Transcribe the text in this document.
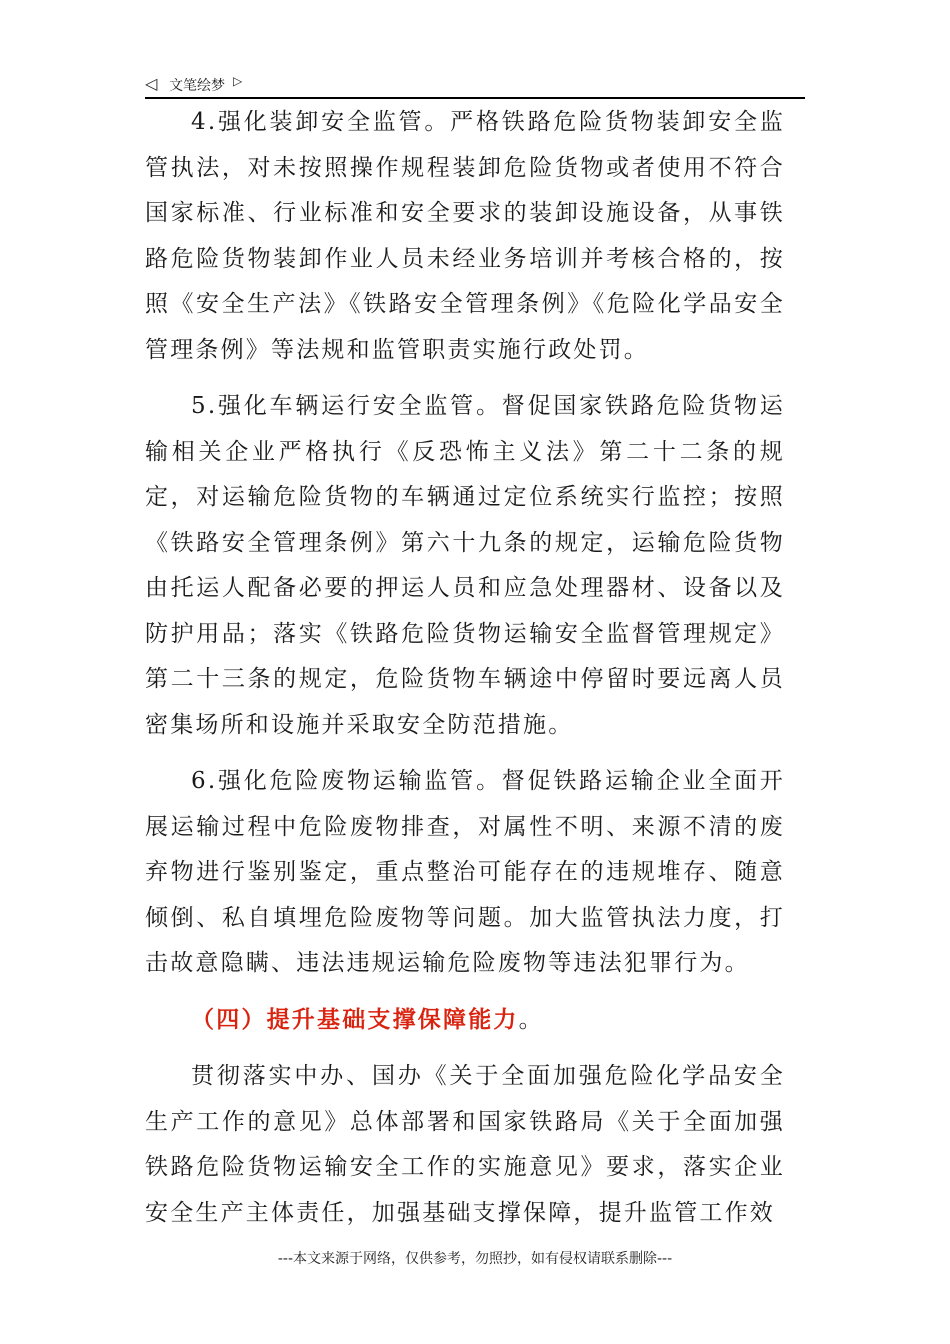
◁ 文笔绘梦 ▷

4.强化装卸安全监管。严格铁路危险货物装卸安全监管执法，对未按照操作规程装卸危险货物或者使用不符合国家标准、行业标准和安全要求的装卸设施设备，从事铁路危险货物装卸作业人员未经业务培训并考核合格的，按照《安全生产法》《铁路安全管理条例》《危险化学品安全管理条例》等法规和监管职责实施行政处罚。

5.强化车辆运行安全监管。督促国家铁路危险货物运输相关企业严格执行《反恐怖主义法》第二十二条的规定，对运输危险货物的车辆通过定位系统实行监控；按照《铁路安全管理条例》第六十九条的规定，运输危险货物由托运人配备必要的押运人员和应急处理器材、设备以及防护用品；落实《铁路危险货物运输安全监督管理规定》第二十三条的规定，危险货物车辆途中停留时要远离人员密集场所和设施并采取安全防范措施。

6.强化危险废物运输监管。督促铁路运输企业全面开展运输过程中危险废物排查，对属性不明、来源不清的废弃物进行鉴别鉴定，重点整治可能存在的违规堆存、随意倾倒、私自填埋危险废物等问题。加大监管执法力度，打击故意隐瞒、违法违规运输危险废物等违法犯罪行为。

（四）提升基础支撑保障能力。

贯彻落实中办、国办《关于全面加强危险化学品安全生产工作的意见》总体部署和国家铁路局《关于全面加强铁路危险货物运输安全工作的实施意见》要求，落实企业安全生产主体责任，加强基础支撑保障，提升监管工作效

---本文来源于网络，仅供参考，勿照抄，如有侵权请联系删除---
